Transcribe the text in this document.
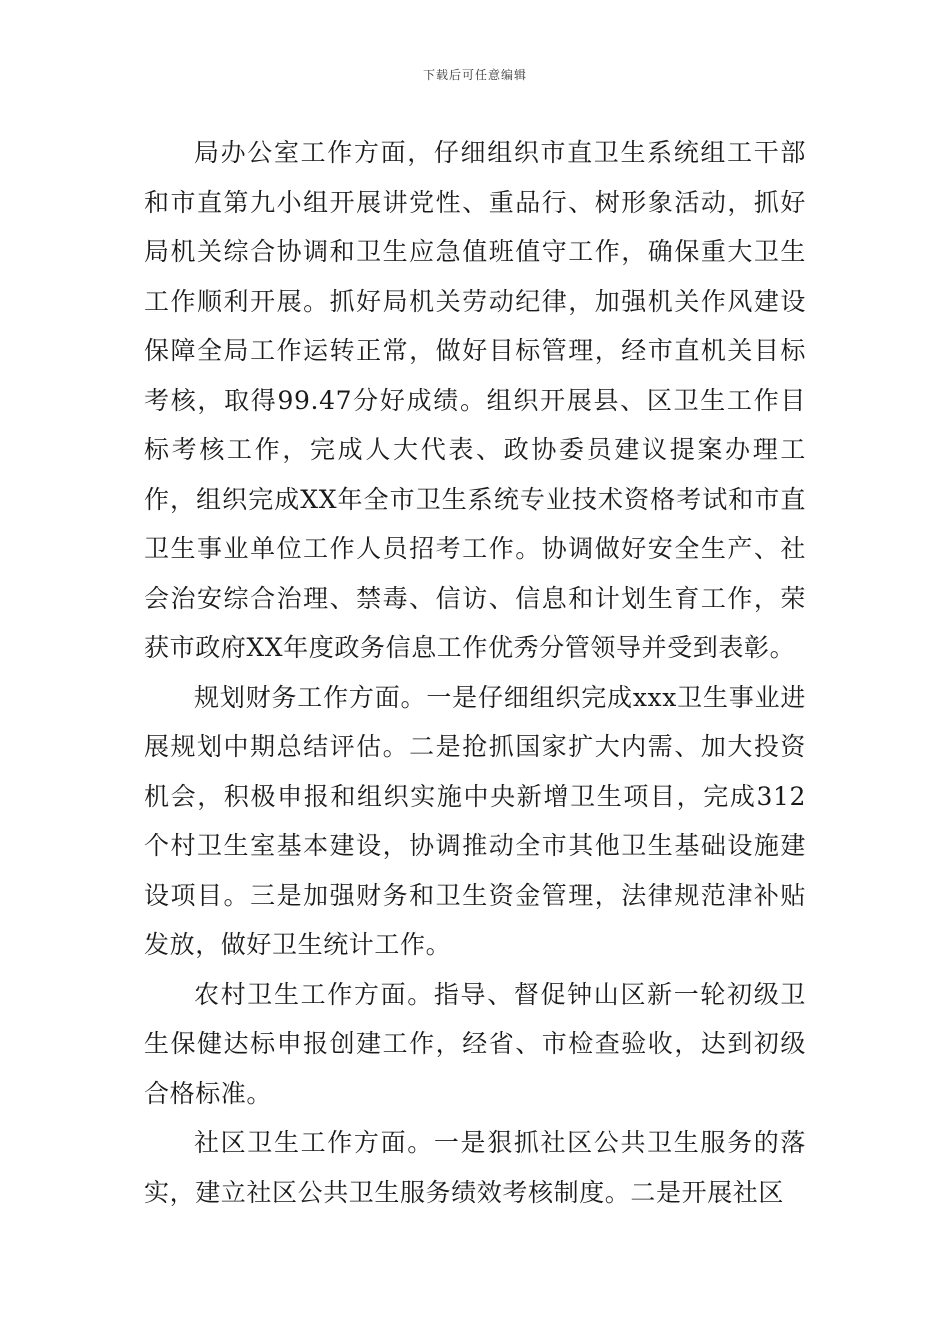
下载后可任意编辑

局办公室工作方面，仔细组织市直卫生系统组工干部和市直第九小组开展讲党性、重品行、树形象活动，抓好局机关综合协调和卫生应急值班值守工作，确保重大卫生工作顺利开展。抓好局机关劳动纪律，加强机关作风建设保障全局工作运转正常，做好目标管理，经市直机关目标考核，取得99.47分好成绩。组织开展县、区卫生工作目标考核工作，完成人大代表、政协委员建议提案办理工作，组织完成XX年全市卫生系统专业技术资格考试和市直卫生事业单位工作人员招考工作。协调做好安全生产、社会治安综合治理、禁毒、信访、信息和计划生育工作，荣获市政府XX年度政务信息工作优秀分管领导并受到表彰。

规划财务工作方面。一是仔细组织完成xxx卫生事业进展规划中期总结评估。二是抢抓国家扩大内需、加大投资机会，积极申报和组织实施中央新增卫生项目，完成312个村卫生室基本建设，协调推动全市其他卫生基础设施建设项目。三是加强财务和卫生资金管理，法律规范津补贴发放，做好卫生统计工作。

农村卫生工作方面。指导、督促钟山区新一轮初级卫生保健达标申报创建工作，经省、市检查验收，达到初级合格标准。

社区卫生工作方面。一是狠抓社区公共卫生服务的落实，建立社区公共卫生服务绩效考核制度。二是开展社区
